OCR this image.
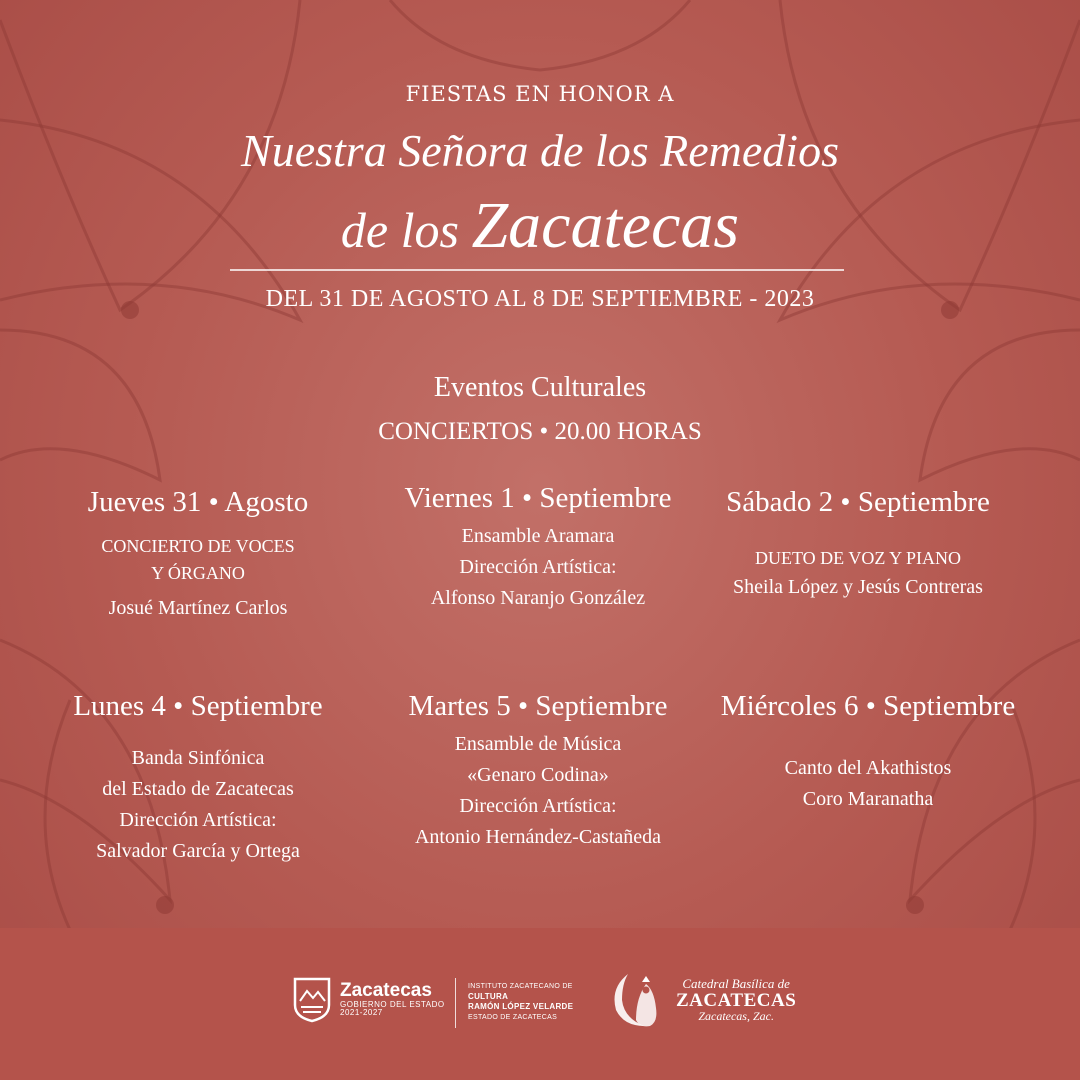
FIESTAS EN HONOR A
Nuestra Señora de los Remedios
de los Zacatecas
DEL 31 DE AGOSTO AL 8 DE SEPTIEMBRE - 2023
Eventos Culturales
CONCIERTOS • 20.00 HORAS
Jueves 31 • Agosto
CONCIERTO DE VOCES
Y ÓRGANO
Josué Martínez Carlos
Viernes 1 • Septiembre
Ensamble Aramara
Dirección Artística:
Alfonso Naranjo González
Sábado 2 • Septiembre
DUETO DE VOZ Y PIANO
Sheila López y Jesús Contreras
Lunes 4 • Septiembre
Banda Sinfónica
del Estado de Zacatecas
Dirección Artística:
Salvador García y Ortega
Martes 5 • Septiembre
Ensamble de Música
«Genaro Codina»
Dirección Artística:
Antonio Hernández-Castañeda
Miércoles 6 • Septiembre
Canto del Akathistos
Coro Maranatha
Zacatecas
GOBIERNO DEL ESTADO
2021-2027
INSTITUTO ZACATECANO DE
CULTURA
RAMÓN LÓPEZ VELARDE
ESTADO DE ZACATECAS
Catedral Basílica de
ZACATECAS
Zacatecas, Zac.
